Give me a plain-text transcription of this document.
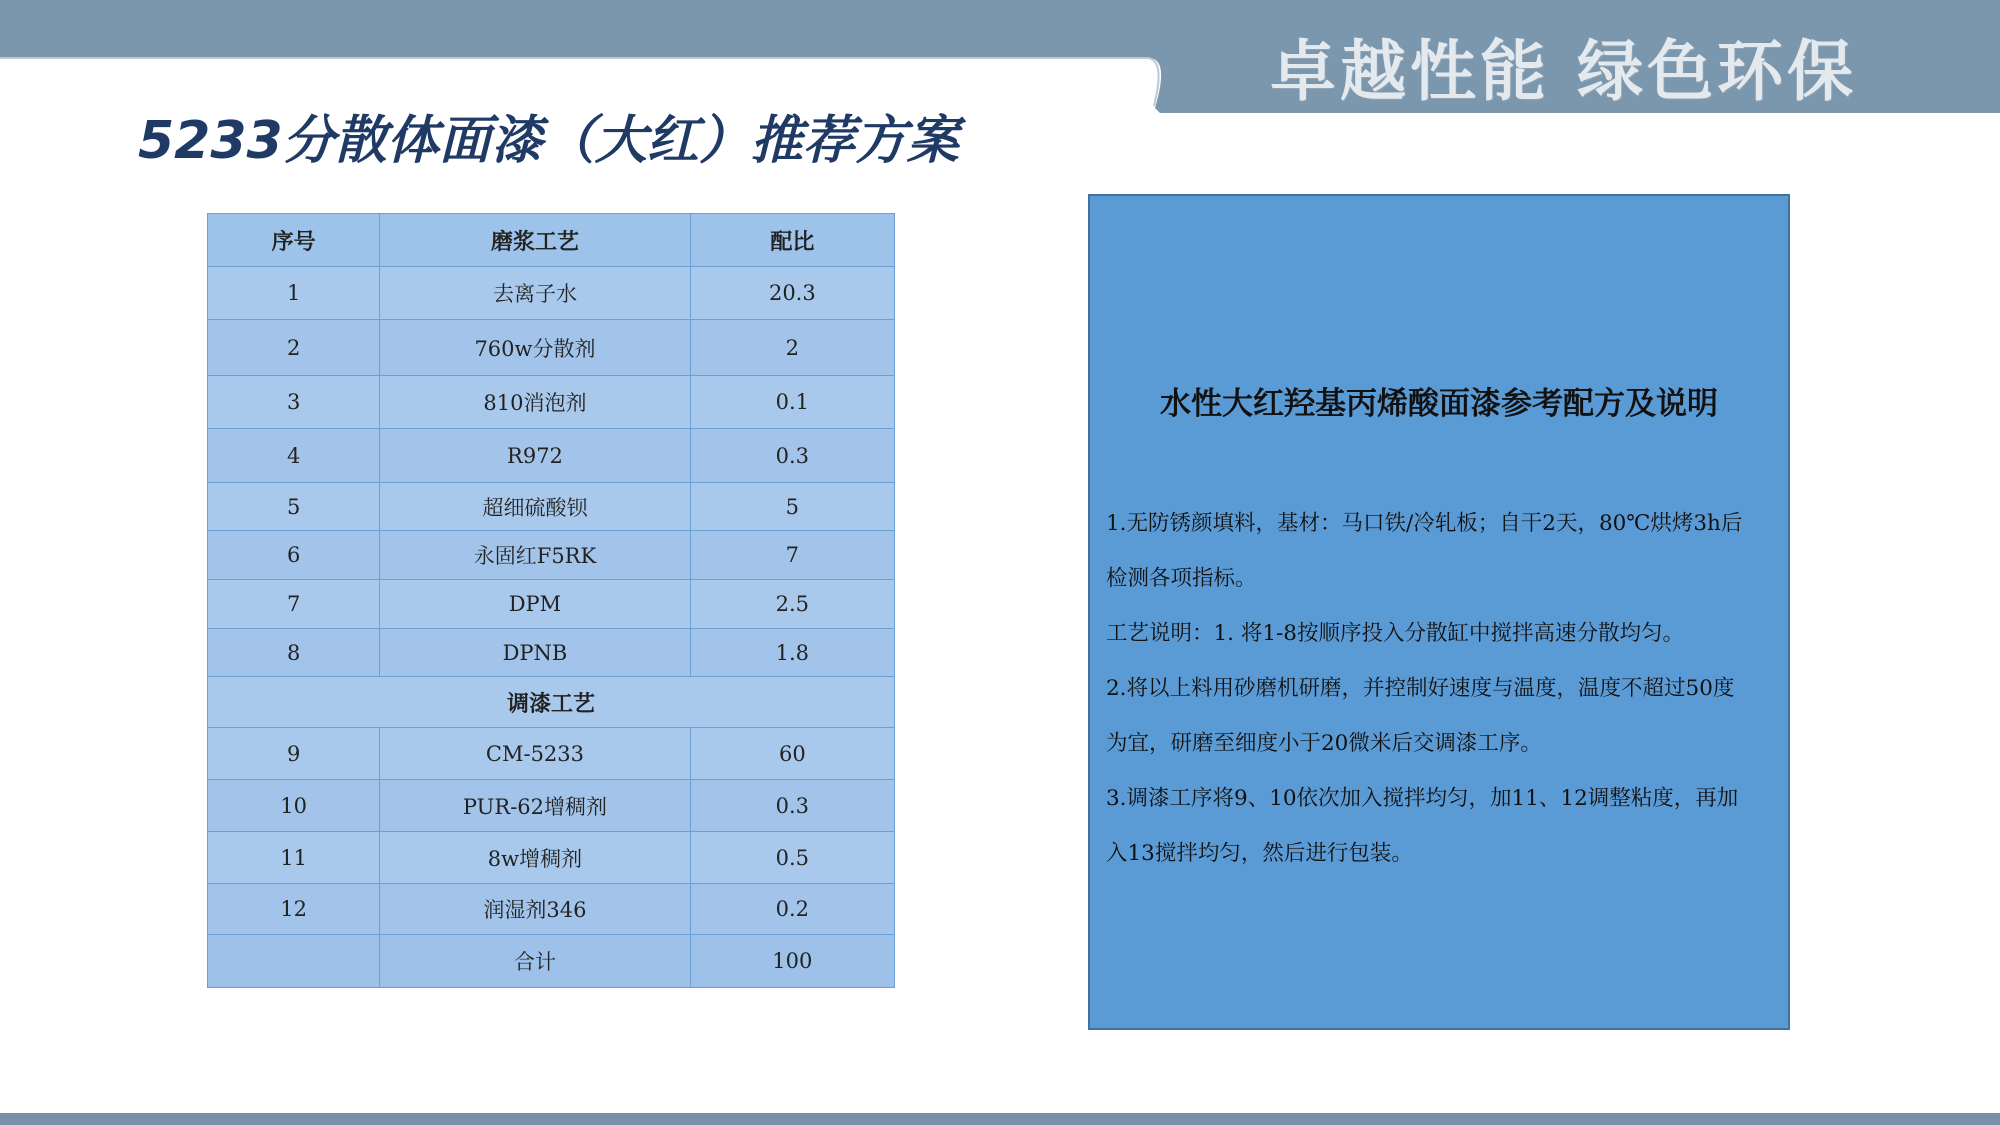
卓越性能 绿色环保
5233分散体面漆（大红）推荐方案
序号	磨浆工艺	配比
1	去离子水	20.3
2	760w分散剂	2
3	810消泡剂	0.1
4	R972	0.3
5	超细硫酸钡	5
6	永固红F5RK	7
7	DPM	2.5
8	DPNB	1.8
调漆工艺		
9	CM-5233	60
10	PUR-62增稠剂	0.3
11	8w增稠剂	0.5
12	润湿剂346	0.2
	合计	100
水性大红羟基丙烯酸面漆参考配方及说明

1.无防锈颜填料，基材：马口铁/冷轧板；自干2天，80℃烘烤3h后

检测各项指标。

工艺说明：1. 将1-8按顺序投入分散缸中搅拌高速分散均匀。

2.将以上料用砂磨机研磨，并控制好速度与温度，温度不超过50度

为宜，研磨至细度小于20微米后交调漆工序。

3.调漆工序将9、10依次加入搅拌均匀，加11、12调整粘度，再加

入13搅拌均匀，然后进行包装。
